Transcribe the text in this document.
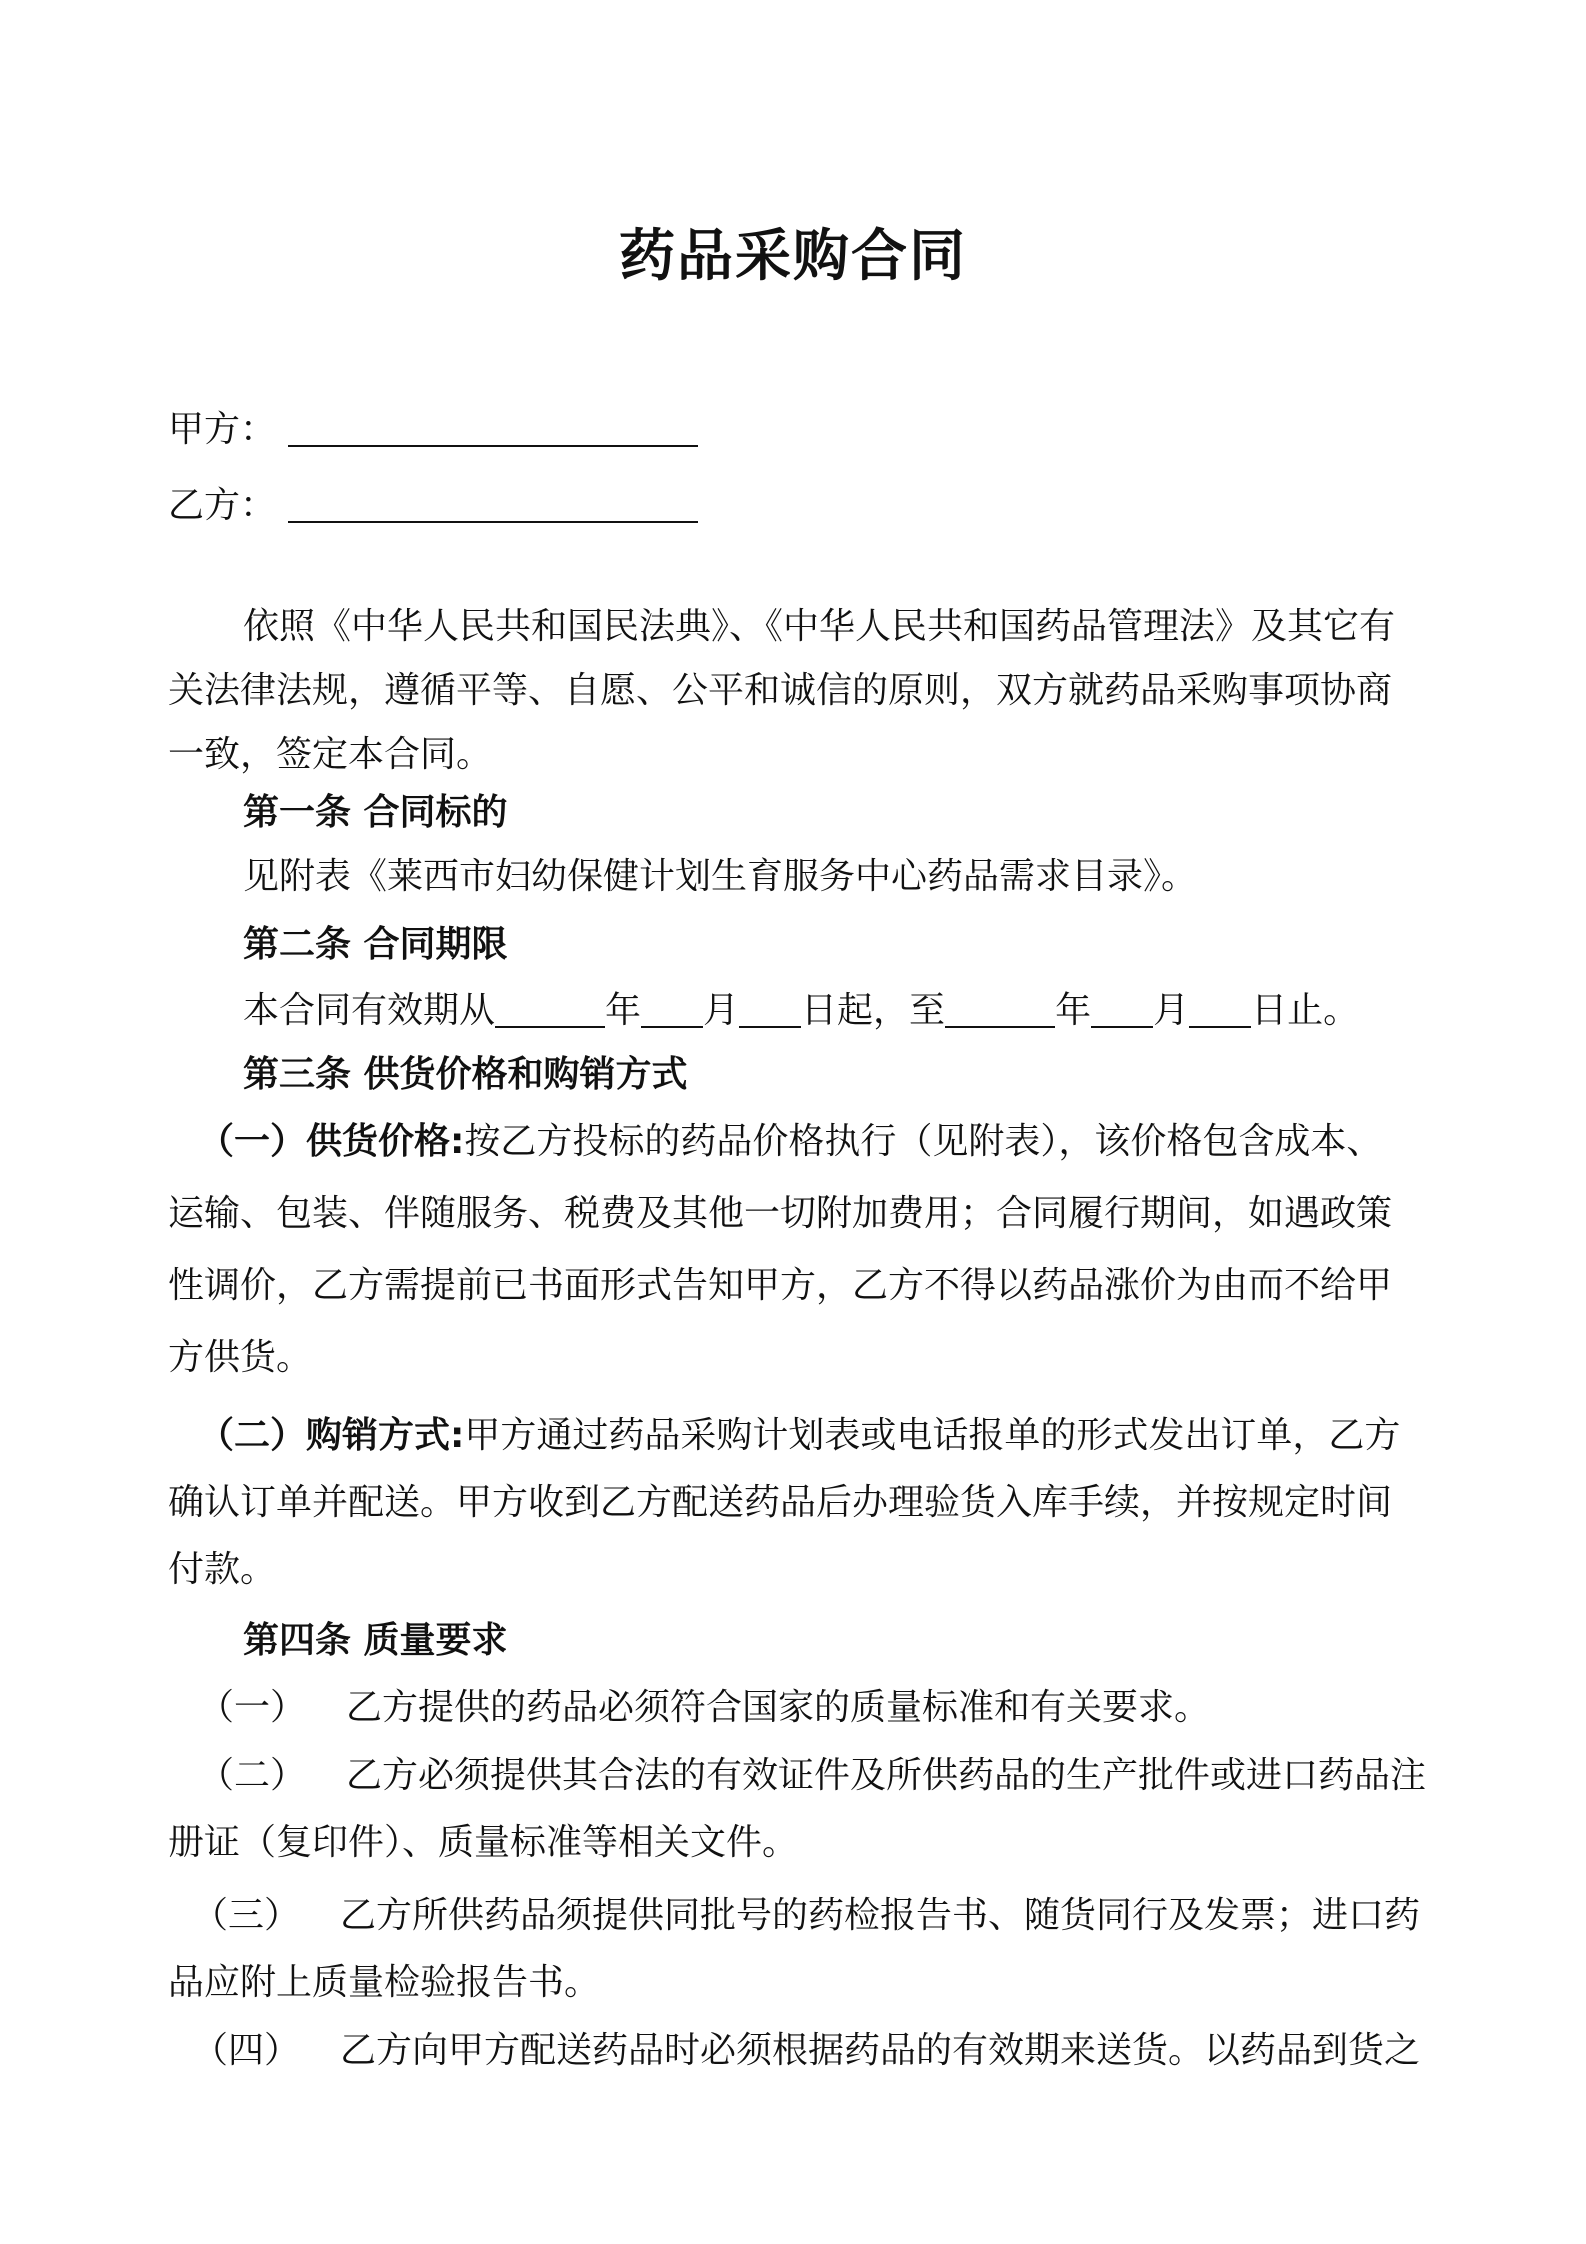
药品采购合同
甲方：
乙方：
依照《中华人民共和国民法典》、《中华人民共和国药品管理法》及其它有
关法律法规，遵循平等、自愿、公平和诚信的原则，双方就药品采购事项协商
一致，签定本合同。
第一条 合同标的
见附表《莱西市妇幼保健计划生育服务中心药品需求目录》。
第二条 合同期限
本合同有效期从	年 月 日起，至	年 月 日止。
第三条 供货价格和购销方式
（一）供货价格:按乙方投标的药品价格执行（见附表），该价格包含成本、
运输、包装、伴随服务、税费及其他一切附加费用；合同履行期间，如遇政策
性调价，乙方需提前已书面形式告知甲方，乙方不得以药品涨价为由而不给甲
方供货。
（二）购销方式:甲方通过药品采购计划表或电话报单的形式发出订单，乙方
确认订单并配送。甲方收到乙方配送药品后办理验货入库手续，并按规定时间
付款。
第四条 质量要求
（一） 乙方提供的药品必须符合国家的质量标准和有关要求。
（二） 乙方必须提供其合法的有效证件及所供药品的生产批件或进口药品注
册证（复印件）、质量标准等相关文件。
（三） 乙方所供药品须提供同批号的药检报告书、随货同行及发票；进口药
品应附上质量检验报告书。
（四） 乙方向甲方配送药品时必须根据药品的有效期来送货。以药品到货之
